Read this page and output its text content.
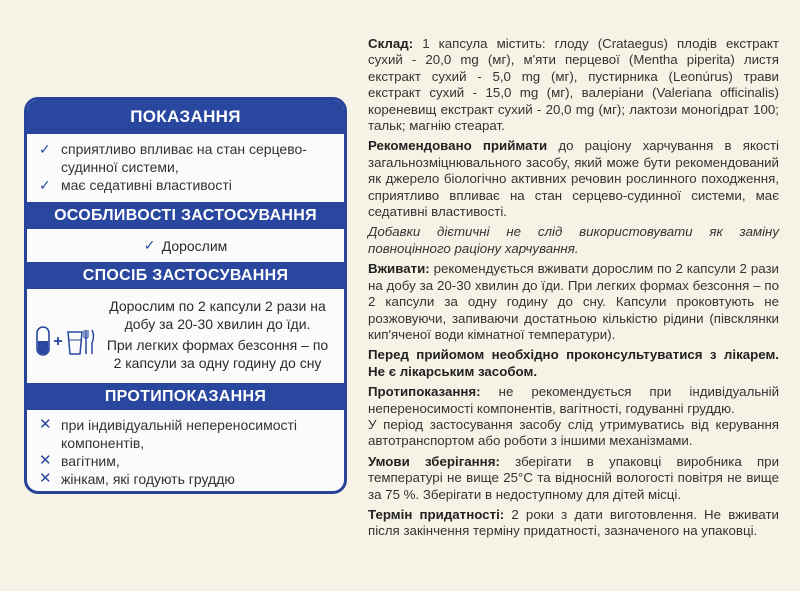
ПОКАЗАННЯ
✓ сприятливо впливає на стан серцево-судинної системи,
✓ має седативні властивості
ОСОБЛИВОСТІ ЗАСТОСУВАННЯ
✓ Дорослим
СПОСІБ ЗАСТОСУВАННЯ

Дорослим по 2 капсули 2 рази на добу за 20-30 хвилин до їди.

При легких формах безсоння – по 2 капсули за одну годину до сну

ПРОТИПОКАЗАННЯ
✕ при індивідуальній непереносимості компонентів,
✕ вагітним,
✕ жінкам, які годують груддю

Склад: 1 капсула містить: глоду (Crataegus) плодів екстракт сухий - 20,0 mg (мг), м'яти перцевої (Mentha piperita) листя екстракт сухий - 5,0 mg (мг), пустирника (Leonúrus) трави екстракт сухий - 15,0 mg (мг), валеріани (Valeriana officinalis) кореневищ екстракт сухий - 20,0 mg (мг); лактози моногідрат 100; тальк; магнію стеарат.

Рекомендовано приймати до раціону харчування в якості загальнозміцнювального засобу, який може бути рекомендований як джерело біологічно активних речовин рослинного походження, сприятливо впливає на стан серцево-судинної системи, має седативні властивості.

Добавки дієтичні не слід використовувати як заміну повноцінного раціону харчування.

Вживати: рекомендується вживати дорослим по 2 капсули 2 рази на добу за 20-30 хвилин до їди. При легких формах безсоння – по 2 капсули за одну годину до сну. Капсули проковтують не розжовуючи, запиваючи достатньою кількістю рідини (півсклянки кип'яченої води кімнатної температури).

Перед прийомом необхідно проконсультуватися з лікарем. Не є лікарським засобом.

Протипоказання: не рекомендується при індивідуальній непереносимості компонентів, вагітності, годуванні груддю.
У період застосування засобу слід утримуватись від керування автотранспортом або роботи з іншими механізмами.

Умови зберігання: зберігати в упаковці виробника при температурі не вище 25°С та відносній вологості повітря не вище за 75 %. Зберігати в недоступному для дітей місці.

Термін придатності: 2 роки з дати виготовлення. Не вживати після закінчення терміну придатності, зазначеного на упаковці.
